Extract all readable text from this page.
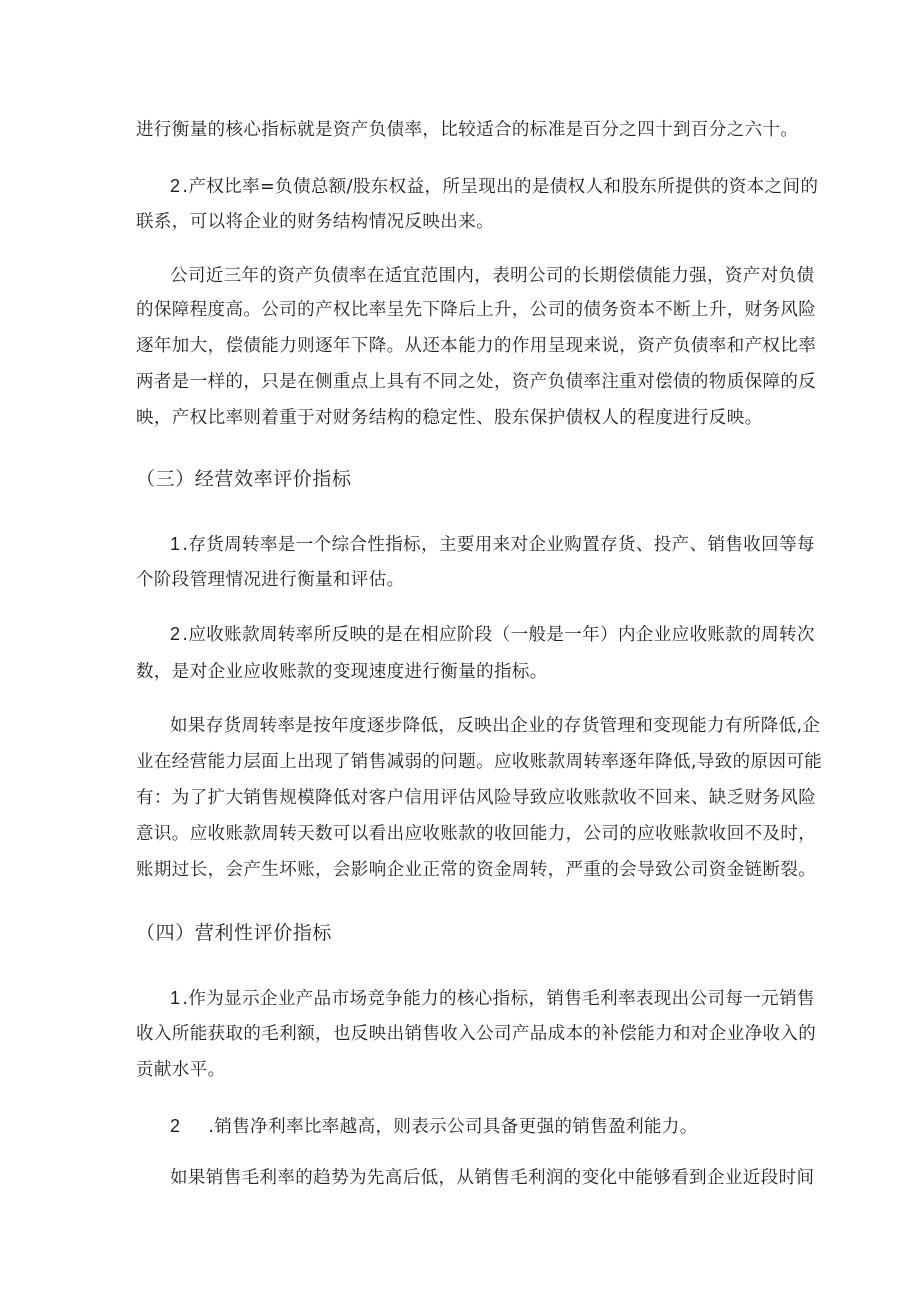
进行衡量的核心指标就是资产负债率，比较适合的标准是百分之四十到百分之六十。
2 .产权比率=负债总额/股东权益，所呈现出的是债权人和股东所提供的资本之间的
联系，可以将企业的财务结构情况反映出来。
公司近三年的资产负债率在适宜范围内，表明公司的长期偿债能力强，资产对负债
的保障程度高。公司的产权比率呈先下降后上升，公司的债务资本不断上升，财务风险
逐年加大，偿债能力则逐年下降。从还本能力的作用呈现来说，资产负债率和产权比率
两者是一样的，只是在侧重点上具有不同之处，资产负债率注重对偿债的物质保障的反
映，产权比率则着重于对财务结构的稳定性、股东保护债权人的程度进行反映。
（三）经营效率评价指标
1 .存货周转率是一个综合性指标，主要用来对企业购置存货、投产、销售收回等每
个阶段管理情况进行衡量和评估。
2 .应收账款周转率所反映的是在相应阶段（一般是一年）内企业应收账款的周转次
数，是对企业应收账款的变现速度进行衡量的指标。
如果存货周转率是按年度逐步降低，反映出企业的存货管理和变现能力有所降低,企
业在经营能力层面上出现了销售减弱的问题。应收账款周转率逐年降低,导致的原因可能
有：为了扩大销售规模降低对客户信用评估风险导致应收账款收不回来、缺乏财务风险
意识。应收账款周转天数可以看出应收账款的收回能力，公司的应收账款收回不及时，
账期过长，会产生坏账，会影响企业正常的资金周转，严重的会导致公司资金链断裂。
（四）营利性评价指标
1 .作为显示企业产品市场竞争能力的核心指标，销售毛利率表现出公司每一元销售
收入所能获取的毛利额，也反映出销售收入公司产品成本的补偿能力和对企业净收入的
贡献水平。
2 .销售净利率比率越高，则表示公司具备更强的销售盈利能力。
如果销售毛利率的趋势为先高后低，从销售毛利润的变化中能够看到企业近段时间
